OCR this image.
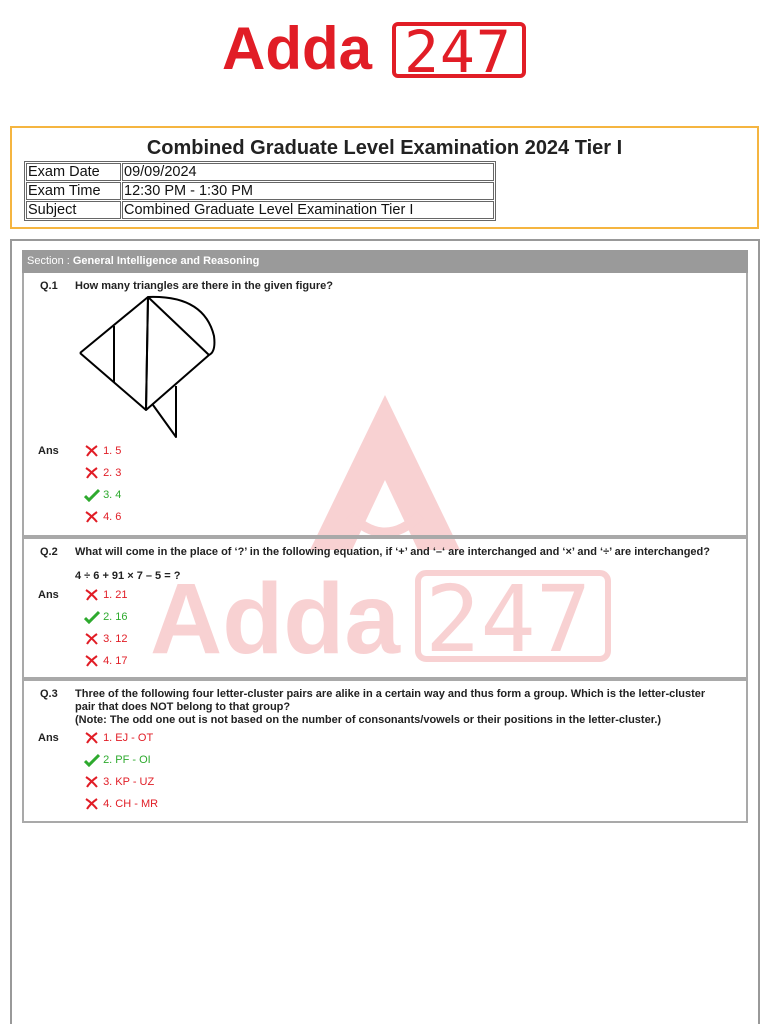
Adda 247
Combined Graduate Level Examination 2024 Tier I
Exam Date	09/09/2024
Exam Time	12:30 PM - 1:30 PM
Subject	Combined Graduate Level Examination Tier I
Section : General Intelligence and Reasoning
Adda 247
Q.1 How many triangles are there in the given figure?
Ans	1. 5
2. 3
3. 4
4. 6
Q.2 What will come in the place of ‘?’ in the following equation, if ‘+’ and ‘–‘ are interchanged and ‘×’ and ‘÷’ are interchanged?
4 ÷ 6 + 91 × 7 – 5 = ?
Ans	1. 21
2. 16
3. 12
4. 17
Q.3 Three of the following four letter-cluster pairs are alike in a certain way and thus form a group. Which is the letter-cluster
pair that does NOT belong to that group?
(Note: The odd one out is not based on the number of consonants/vowels or their positions in the letter-cluster.)
Ans	1. EJ - OT
2. PF - OI
3. KP - UZ
4. CH - MR
